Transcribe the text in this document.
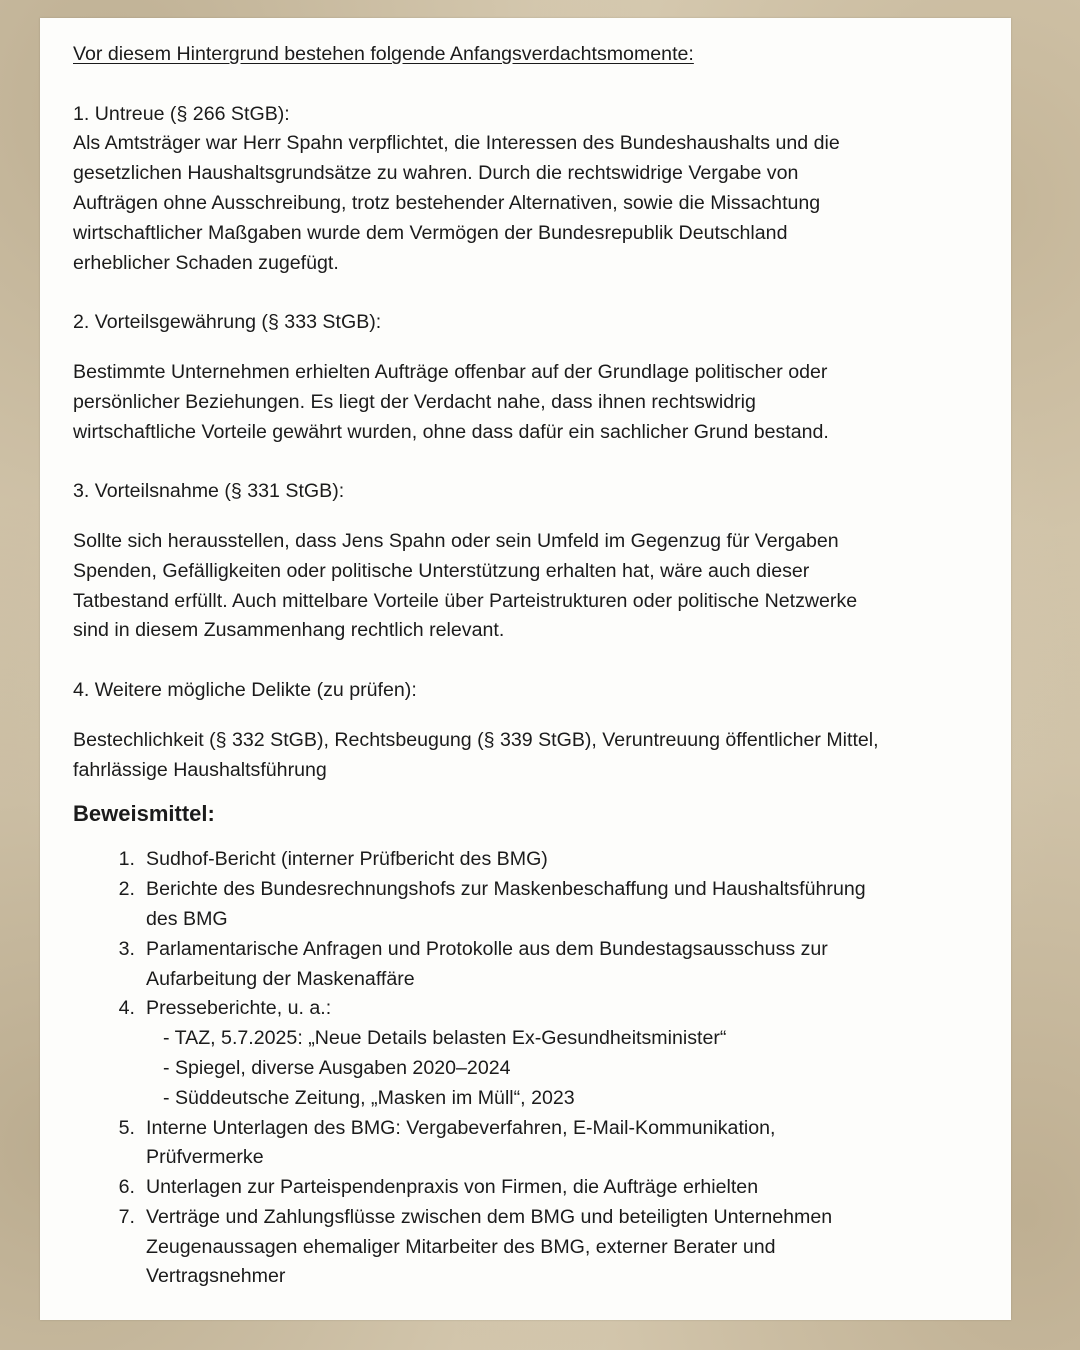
Vor diesem Hintergrund bestehen folgende Anfangsverdachtsmomente:
1. Untreue (§ 266 StGB):
Als Amtsträger war Herr Spahn verpflichtet, die Interessen des Bundeshaushalts und die
gesetzlichen Haushaltsgrundsätze zu wahren. Durch die rechtswidrige Vergabe von
Aufträgen ohne Ausschreibung, trotz bestehender Alternativen, sowie die Missachtung
wirtschaftlicher Maßgaben wurde dem Vermögen der Bundesrepublik Deutschland
erheblicher Schaden zugefügt.
2. Vorteilsgewährung (§ 333 StGB):
Bestimmte Unternehmen erhielten Aufträge offenbar auf der Grundlage politischer oder
persönlicher Beziehungen. Es liegt der Verdacht nahe, dass ihnen rechtswidrig
wirtschaftliche Vorteile gewährt wurden, ohne dass dafür ein sachlicher Grund bestand.
3. Vorteilsnahme (§ 331 StGB):
Sollte sich herausstellen, dass Jens Spahn oder sein Umfeld im Gegenzug für Vergaben
Spenden, Gefälligkeiten oder politische Unterstützung erhalten hat, wäre auch dieser
Tatbestand erfüllt. Auch mittelbare Vorteile über Parteistrukturen oder politische Netzwerke
sind in diesem Zusammenhang rechtlich relevant.
4. Weitere mögliche Delikte (zu prüfen):
Bestechlichkeit (§ 332 StGB), Rechtsbeugung (§ 339 StGB), Veruntreuung öffentlicher Mittel,
fahrlässige Haushaltsführung
Beweismittel:
1. Sudhof-Bericht (interner Prüfbericht des BMG)
2. Berichte des Bundesrechnungshofs zur Maskenbeschaffung und Haushaltsführung
des BMG
3. Parlamentarische Anfragen und Protokolle aus dem Bundestagsausschuss zur
Aufarbeitung der Maskenaffäre
4. Presseberichte, u. a.:
- TAZ, 5.7.2025: „Neue Details belasten Ex-Gesundheitsminister“
- Spiegel, diverse Ausgaben 2020–2024
- Süddeutsche Zeitung, „Masken im Müll“, 2023
5. Interne Unterlagen des BMG: Vergabeverfahren, E-Mail-Kommunikation,
Prüfvermerke
6. Unterlagen zur Parteispendenpraxis von Firmen, die Aufträge erhielten
7. Verträge und Zahlungsflüsse zwischen dem BMG und beteiligten Unternehmen
Zeugenaussagen ehemaliger Mitarbeiter des BMG, externer Berater und
Vertragsnehmer
